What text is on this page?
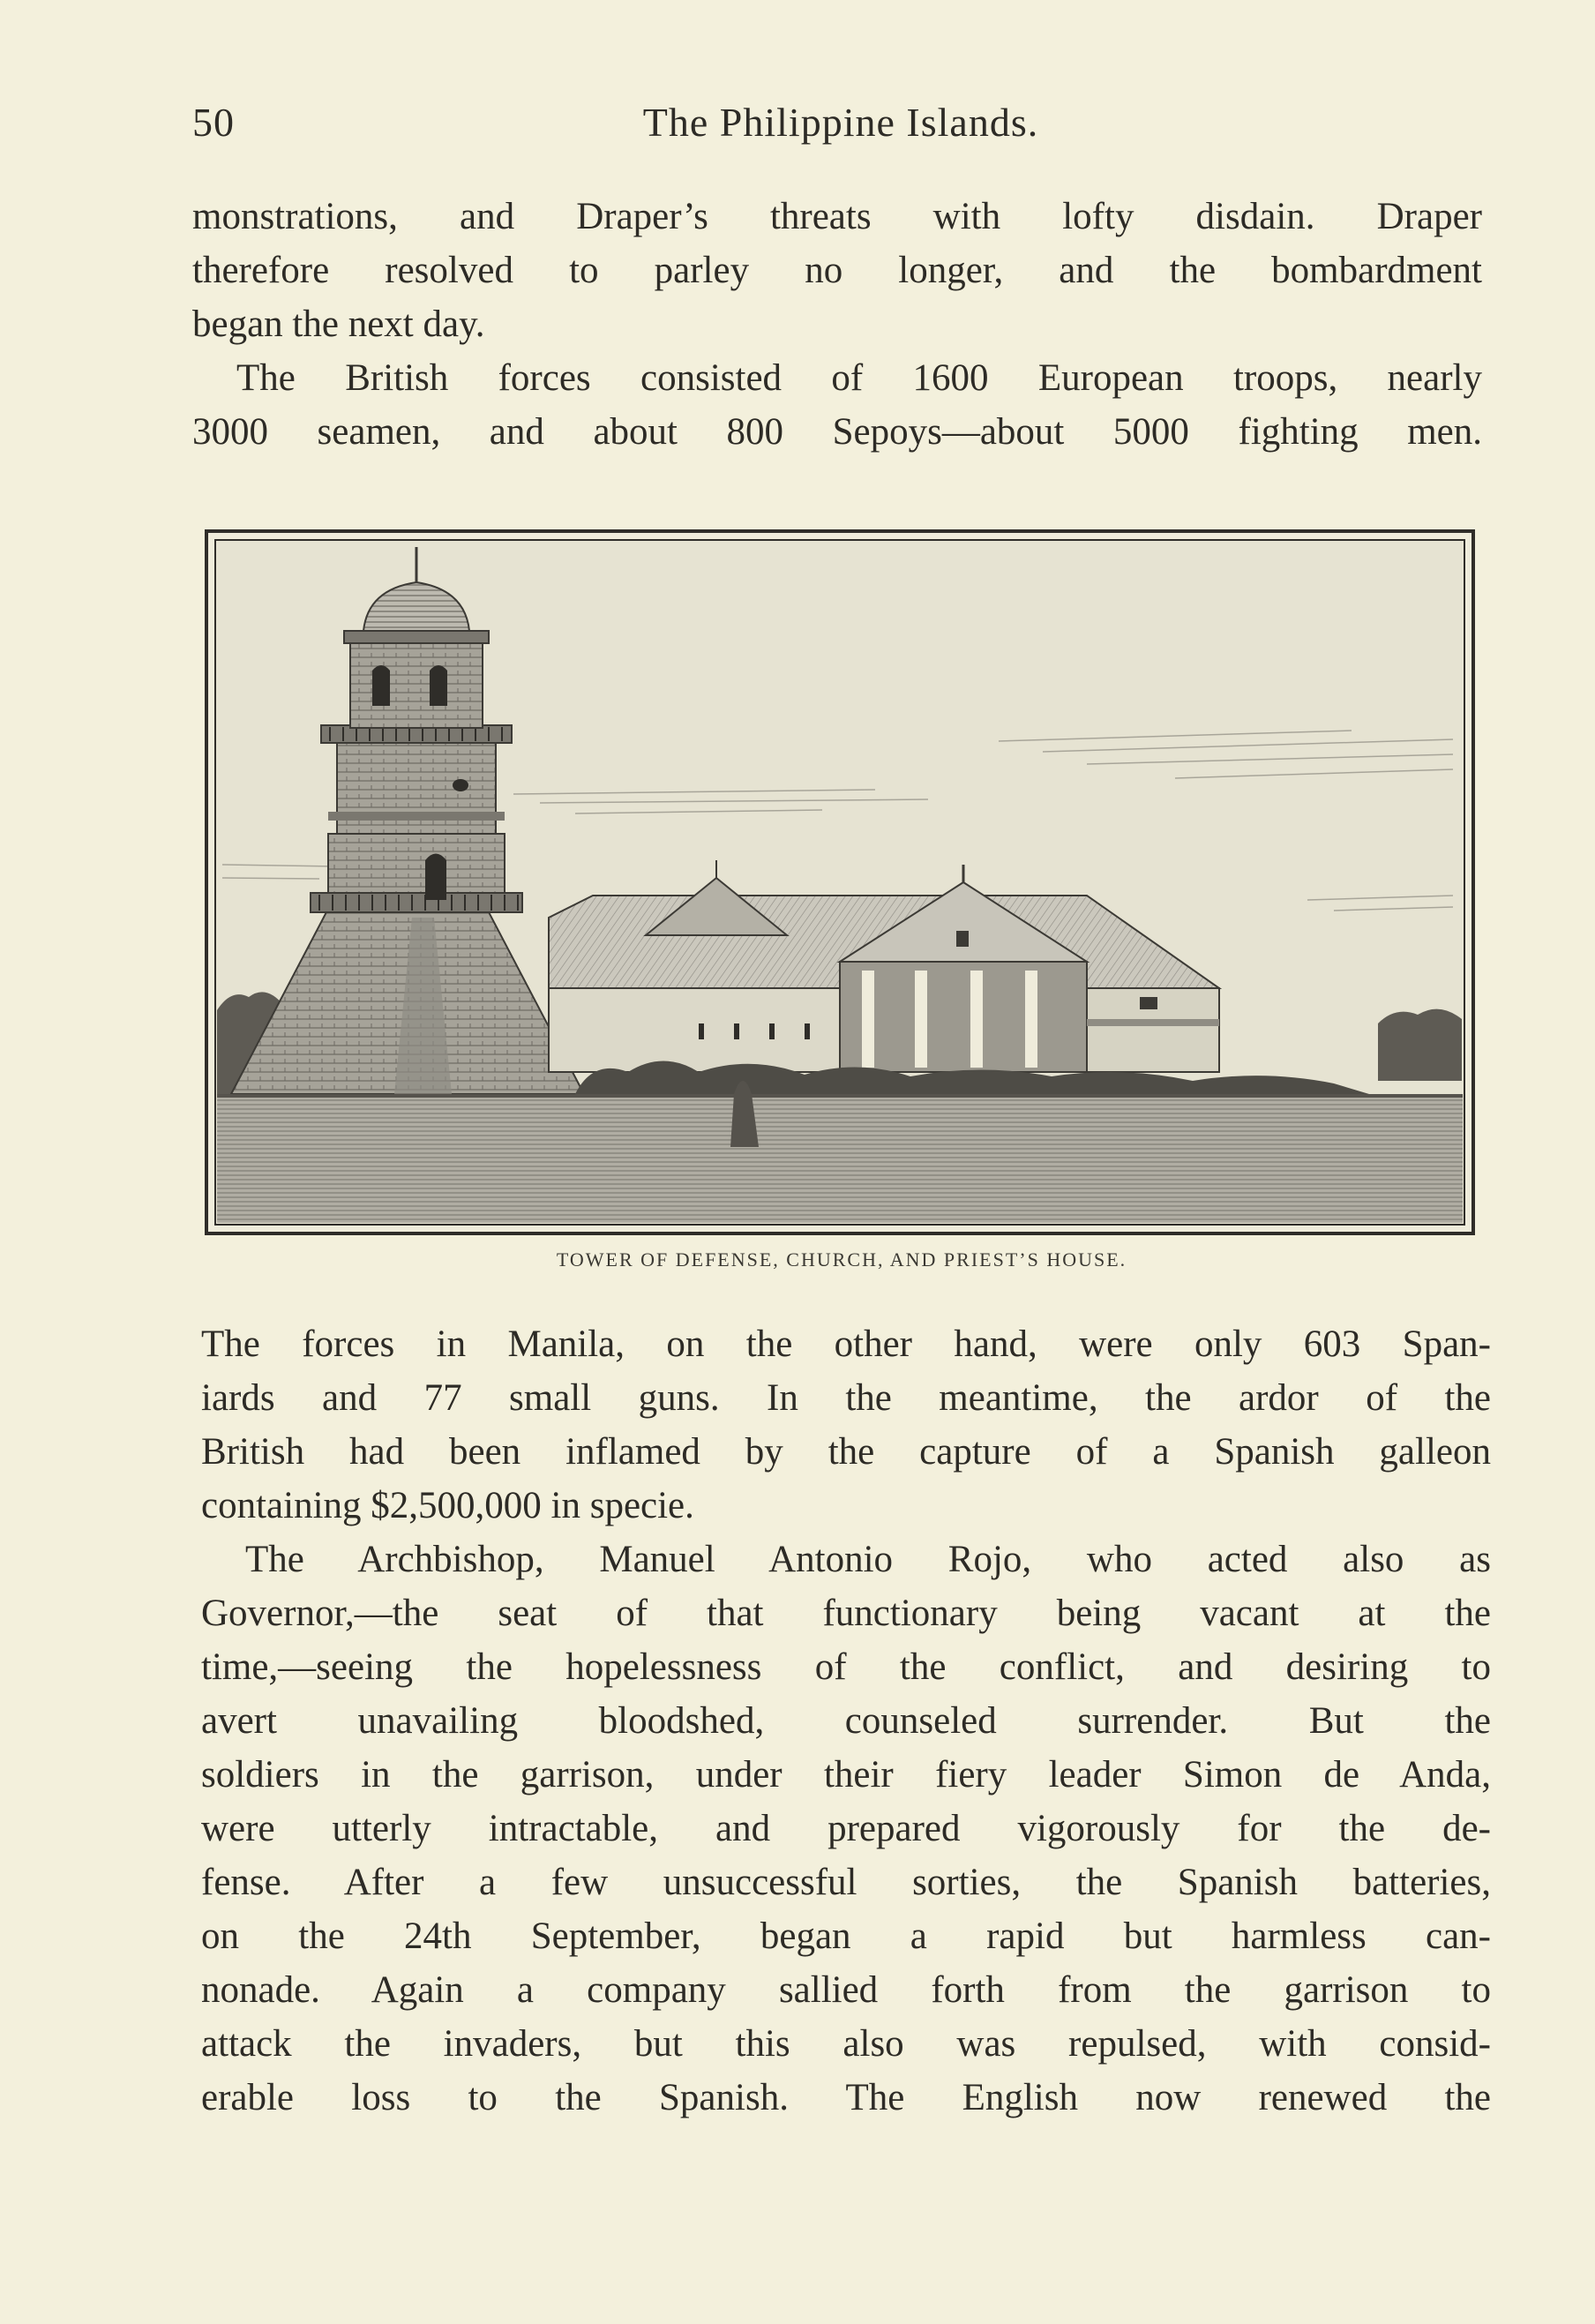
50	The Philippine Islands.

monstrations, and Draper’s threats with lofty disdain. Draper
therefore resolved to parley no longer, and the bombardment
began the next day.

The British forces consisted of 1600 European troops, nearly
3000 seamen, and about 800 Sepoys—about 5000 fighting men.

TOWER OF DEFENSE, CHURCH, AND PRIEST’S HOUSE.

The forces in Manila, on the other hand, were only 603 Span-
iards and 77 small guns. In the meantime, the ardor of the
British had been inflamed by the capture of a Spanish galleon
containing $2,500,000 in specie.

The Archbishop, Manuel Antonio Rojo, who acted also as
Governor,—the seat of that functionary being vacant at the
time,—seeing the hopelessness of the conflict, and desiring to
avert unavailing bloodshed, counseled surrender. But the
soldiers in the garrison, under their fiery leader Simon de Anda,
were utterly intractable, and prepared vigorously for the de-
fense. After a few unsuccessful sorties, the Spanish batteries,
on the 24th September, began a rapid but harmless can-
nonade. Again a company sallied forth from the garrison to
attack the invaders, but this also was repulsed, with consid-
erable loss to the Spanish. The English now renewed the
